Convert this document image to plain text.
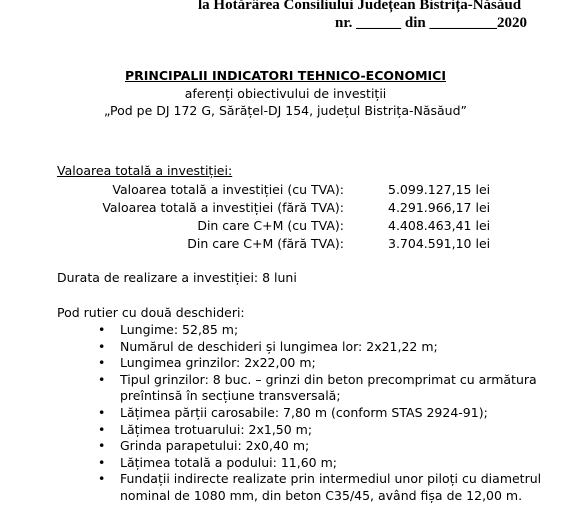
la Hotărârea Consiliului Județean Bistrița-Năsăud
nr. ______ din _________2020
PRINCIPALII INDICATORI TEHNICO-ECONOMICI
aferenți obiectivului de investiții
„Pod pe DJ 172 G, Sărățel-DJ 154, județul Bistrița-Năsăud”
Valoarea totală a investiției:
Valoarea totală a investiției (cu TVA):	5.099.127,15 lei
Valoarea totală a investiției (fără TVA):	4.291.966,17 lei
Din care C+M (cu TVA):	4.408.463,41 lei
Din care C+M (fără TVA):	3.704.591,10 lei
Durata de realizare a investiției: 8 luni
Pod rutier cu două deschideri:
• Lungime: 52,85 m;
• Numărul de deschideri și lungimea lor: 2x21,22 m;
• Lungimea grinzilor: 2x22,00 m;
• Tipul grinzilor: 8 buc. – grinzi din beton precomprimat cu armătura preîntinsă în secțiune transversală;
• Lățimea părții carosabile: 7,80 m (conform STAS 2924-91);
• Lățimea trotuarului: 2x1,50 m;
• Grinda parapetului: 2x0,40 m;
• Lățimea totală a podului: 11,60 m;
• Fundații indirecte realizate prin intermediul unor piloți cu diametrul nominal de 1080 mm, din beton C35/45, având fișa de 12,00 m.
